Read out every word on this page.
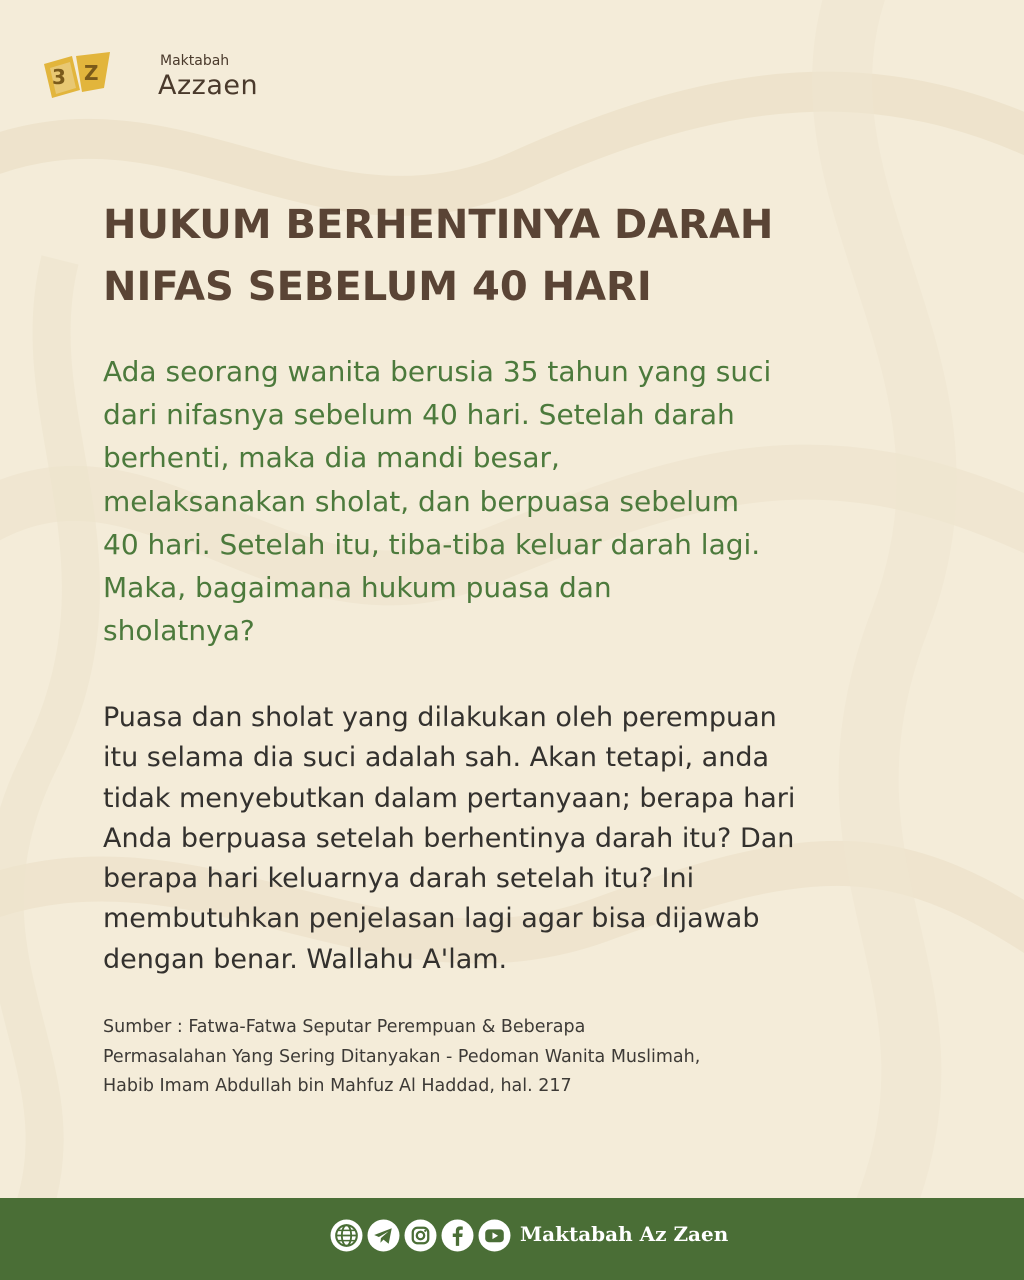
3 Z	Maktabah
Azzaen
HUKUM BERHENTINYA DARAH
NIFAS SEBELUM 40 HARI

Ada seorang wanita berusia 35 tahun yang suci
dari nifasnya sebelum 40 hari. Setelah darah
berhenti, maka dia mandi besar,
melaksanakan sholat, dan berpuasa sebelum
40 hari. Setelah itu, tiba-tiba keluar darah lagi.
Maka, bagaimana hukum puasa dan
sholatnya?

Puasa dan sholat yang dilakukan oleh perempuan
itu selama dia suci adalah sah. Akan tetapi, anda
tidak menyebutkan dalam pertanyaan; berapa hari
Anda berpuasa setelah berhentinya darah itu? Dan
berapa hari keluarnya darah setelah itu? Ini
membutuhkan penjelasan lagi agar bisa dijawab
dengan benar. Wallahu A'lam.

Sumber : Fatwa-Fatwa Seputar Perempuan & Beberapa
Permasalahan Yang Sering Ditanyakan - Pedoman Wanita Muslimah,
Habib Imam Abdullah bin Mahfuz Al Haddad, hal. 217

Maktabah Az Zaen
